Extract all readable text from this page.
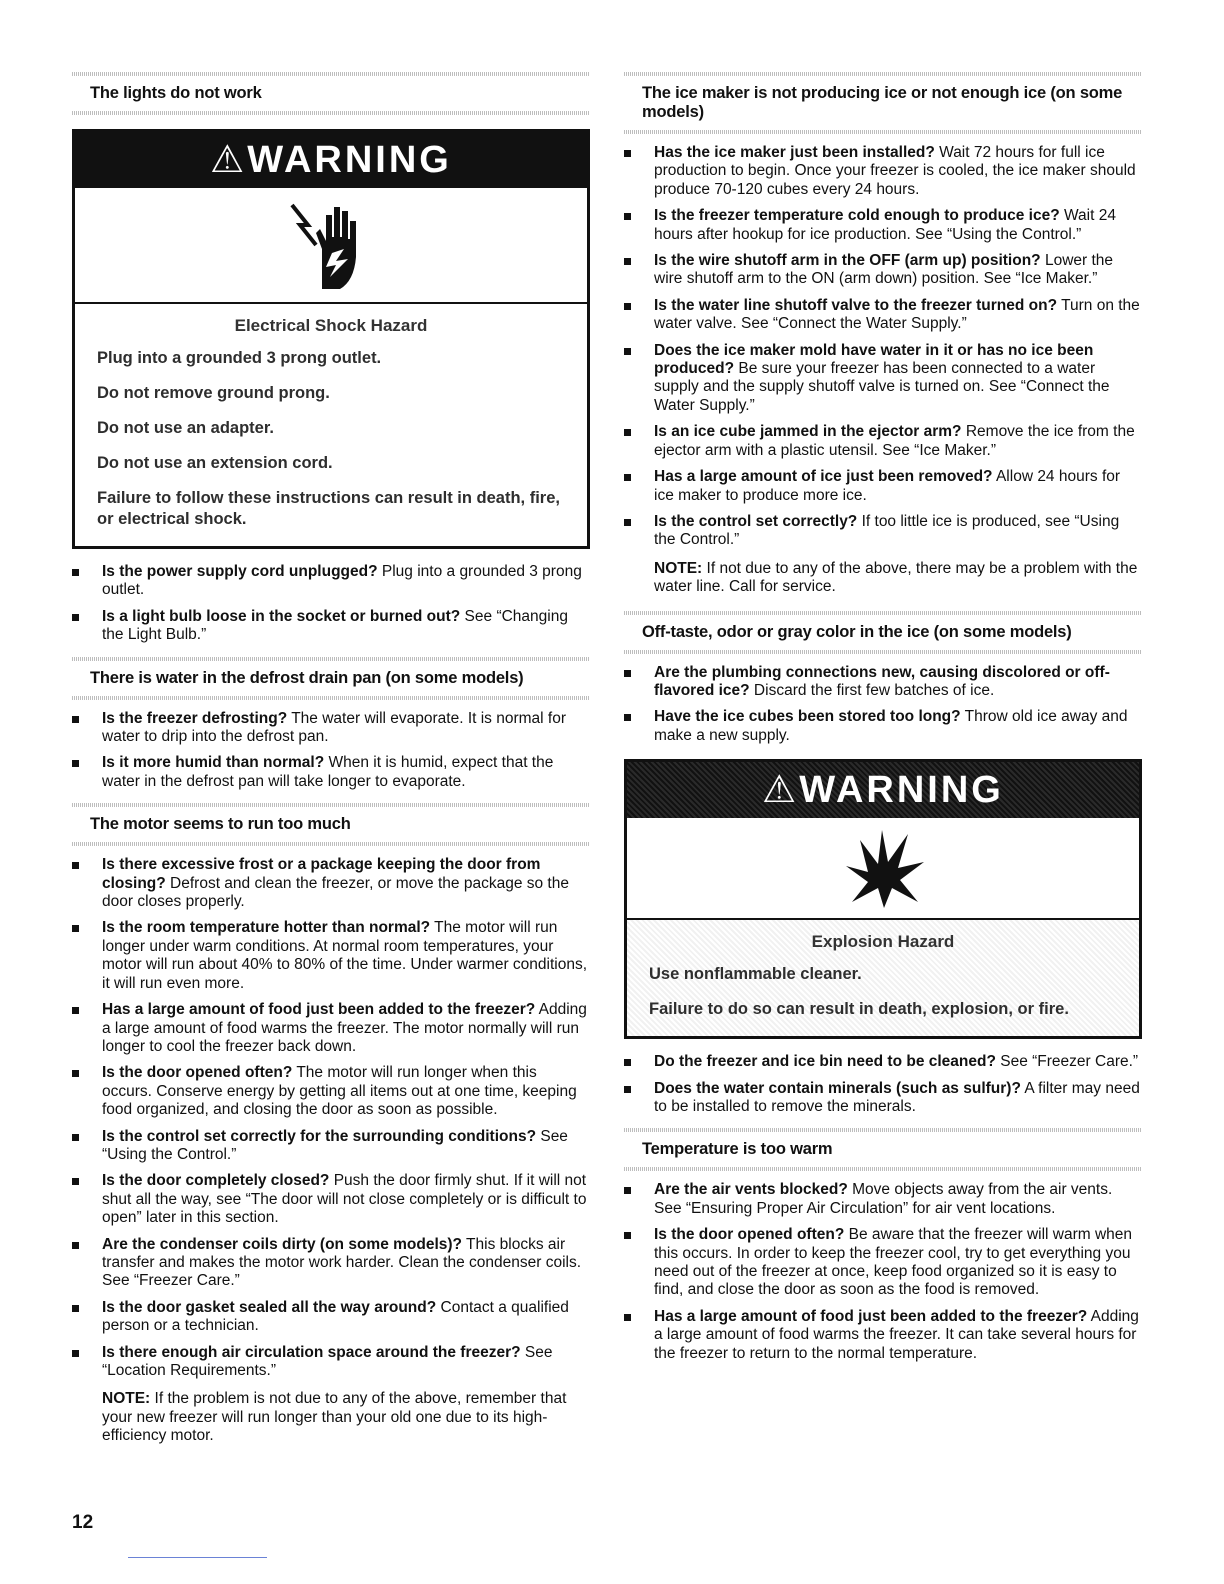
The lights do not work
⚠WARNING
Electrical Shock Hazard

Plug into a grounded 3 prong outlet.

Do not remove ground prong.

Do not use an adapter.

Do not use an extension cord.

Failure to follow these instructions can result in death, fire, or electrical shock.

Is the power supply cord unplugged? Plug into a grounded 3 prong outlet.
Is a light bulb loose in the socket or burned out? See “Changing the Light Bulb.”
There is water in the defrost drain pan (on some models)
Is the freezer defrosting? The water will evaporate. It is normal for water to drip into the defrost pan.
Is it more humid than normal? When it is humid, expect that the water in the defrost pan will take longer to evaporate.
The motor seems to run too much
Is there excessive frost or a package keeping the door from closing? Defrost and clean the freezer, or move the package so the door closes properly.
Is the room temperature hotter than normal? The motor will run longer under warm conditions. At normal room temperatures, your motor will run about 40% to 80% of the time. Under warmer conditions, it will run even more.
Has a large amount of food just been added to the freezer? Adding a large amount of food warms the freezer. The motor normally will run longer to cool the freezer back down.
Is the door opened often? The motor will run longer when this occurs. Conserve energy by getting all items out at one time, keeping food organized, and closing the door as soon as possible.
Is the control set correctly for the surrounding conditions? See “Using the Control.”
Is the door completely closed? Push the door firmly shut. If it will not shut all the way, see “The door will not close completely or is difficult to open” later in this section.
Are the condenser coils dirty (on some models)? This blocks air transfer and makes the motor work harder. Clean the condenser coils. See “Freezer Care.”
Is the door gasket sealed all the way around? Contact a qualified person or a technician.
Is there enough air circulation space around the freezer? See “Location Requirements.”
NOTE: If the problem is not due to any of the above, remember that your new freezer will run longer than your old one due to its high-efficiency motor.
The ice maker is not producing ice or not enough ice (on some models)
Has the ice maker just been installed? Wait 72 hours for full ice production to begin. Once your freezer is cooled, the ice maker should produce 70-120 cubes every 24 hours.
Is the freezer temperature cold enough to produce ice? Wait 24 hours after hookup for ice production. See “Using the Control.”
Is the wire shutoff arm in the OFF (arm up) position? Lower the wire shutoff arm to the ON (arm down) position. See “Ice Maker.”
Is the water line shutoff valve to the freezer turned on? Turn on the water valve. See “Connect the Water Supply.”
Does the ice maker mold have water in it or has no ice been produced? Be sure your freezer has been connected to a water supply and the supply shutoff valve is turned on. See “Connect the Water Supply.”
Is an ice cube jammed in the ejector arm? Remove the ice from the ejector arm with a plastic utensil. See “Ice Maker.”
Has a large amount of ice just been removed? Allow 24 hours for ice maker to produce more ice.
Is the control set correctly? If too little ice is produced, see “Using the Control.”
NOTE: If not due to any of the above, there may be a problem with the water line. Call for service.
Off-taste, odor or gray color in the ice (on some models)
Are the plumbing connections new, causing discolored or off-flavored ice? Discard the first few batches of ice.
Have the ice cubes been stored too long? Throw old ice away and make a new supply.
⚠WARNING
Explosion Hazard

Use nonflammable cleaner.

Failure to do so can result in death, explosion, or fire.

Do the freezer and ice bin need to be cleaned? See “Freezer Care.”
Does the water contain minerals (such as sulfur)? A filter may need to be installed to remove the minerals.
Temperature is too warm
Are the air vents blocked? Move objects away from the air vents. See “Ensuring Proper Air Circulation” for air vent locations.
Is the door opened often? Be aware that the freezer will warm when this occurs. In order to keep the freezer cool, try to get everything you need out of the freezer at once, keep food organized so it is easy to find, and close the door as soon as the food is removed.
Has a large amount of food just been added to the freezer? Adding a large amount of food warms the freezer. It can take several hours for the freezer to return to the normal temperature.
12
